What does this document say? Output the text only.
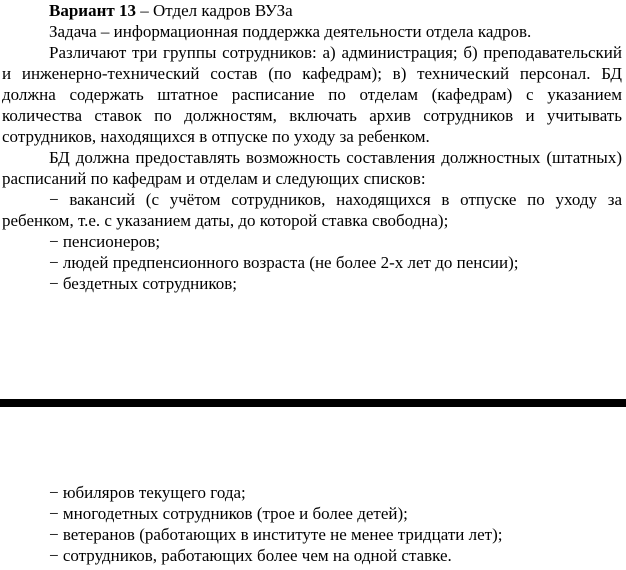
Вариант 13 – Отдел кадров ВУЗа

Задача – информационная поддержка деятельности отдела кадров.

Различают три группы сотрудников: а) администрация; б) преподавательский и инженерно-технический состав (по кафедрам); в) технический персонал. БД должна содержать штатное расписание по отделам (кафедрам) с указанием количества ставок по должностям, включать архив сотрудников и учитывать сотрудников, находящихся в отпуске по уходу за ребенком.

БД должна предоставлять возможность составления должностных (штатных) расписаний по кафедрам и отделам и следующих списков:

− вакансий (с учётом сотрудников, находящихся в отпуске по уходу за ребенком, т.е. с указанием даты, до которой ставка свободна);

− пенсионеров;

− людей предпенсионного возраста (не более 2-х лет до пенсии);

− бездетных сотрудников;

− юбиляров текущего года;

− многодетных сотрудников (трое и более детей);

− ветеранов (работающих в институте не менее тридцати лет);

− сотрудников, работающих более чем на одной ставке.
